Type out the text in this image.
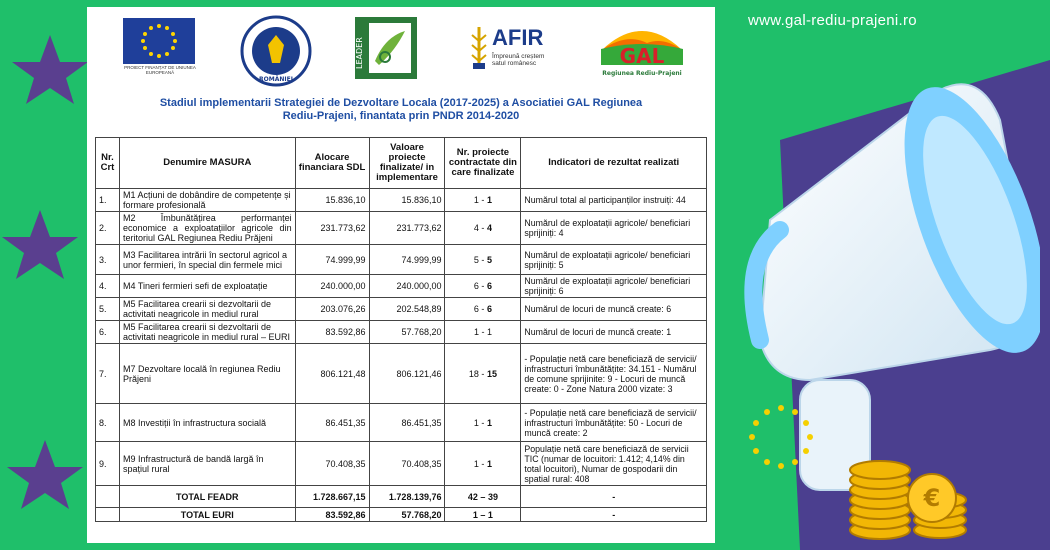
www.gal-rediu-prajeni.ro
€
PROIECT FINANȚAT DE UNIUNEA EUROPEANĂ
ROMÂNIEI
LEADER	AFIR
Împreună creștem satul românesc	GAL
Regiunea Rediu-Prajeni
Stadiul implementarii Strategiei de Dezvoltare Locala (2017-2025) a Asociatiei GAL Regiunea
Rediu-Prajeni, finantata prin PNDR 2014-2020
Nr. Crt	Denumire MASURA	Alocare financiara SDL	Valoare proiecte finalizate/ in implementare	Nr. proiecte contractate din care finalizate	Indicatori de rezultat realizati
1.	M1 Acțiuni de dobândire de competențe și formare profesională	15.836,10	15.836,10	1 - 1	Numărul total al participanților instruiți: 44
2.	M2 Îmbunătățirea performanței economice a exploatațiilor agricole din teritoriul GAL Regiunea Rediu Prăjeni	231.773,62	231.773,62	4 - 4	Numărul de exploatații agricole/ beneficiari sprijiniți: 4
3.	M3 Facilitarea intrării în sectorul agricol a unor fermieri, în special din fermele mici	74.999,99	74.999,99	5 - 5	Numărul de exploatații agricole/ beneficiari sprijiniți: 5
4.	M4 Tineri fermieri sefi de exploatație	240.000,00	240.000,00	6 - 6	Numărul de exploatații agricole/ beneficiari sprijiniți: 6
5.	M5 Facilitarea crearii si dezvoltarii de activitati neagricole in mediul rural	203.076,26	202.548,89	6 - 6	Numărul de locuri de muncă create: 6
6.	M5 Facilitarea crearii si dezvoltarii de activitati neagricole in mediul rural – EURI	83.592,86	57.768,20	1 - 1	Numărul de locuri de muncă create: 1
7.	M7 Dezvoltare locală în regiunea Rediu Prăjeni	806.121,48	806.121,46	18 - 15	- Populație netă care beneficiază de servicii/ infrastructuri îmbunătățite: 34.151 - Numărul de comune sprijinite: 9 - Locuri de muncă create: 0 - Zone Natura 2000 vizate: 3
8.	M8 Investiții în infrastructura socială	86.451,35	86.451,35	1 - 1	- Populație netă care beneficiază de servicii/ infrastructuri îmbunătățite: 50 - Locuri de muncă create: 2
9.	M9 Infrastructură de bandă largă în spațiul rural	70.408,35	70.408,35	1 - 1	Populație netă care beneficiază de servicii TIC (numar de locuitori: 1.412; 4,14% din total locuitori), Numar de gospodarii din spatial rural: 408
	TOTAL FEADR	1.728.667,15	1.728.139,76	42 – 39	-
	TOTAL EURI	83.592,86	57.768,20	1 – 1	-
